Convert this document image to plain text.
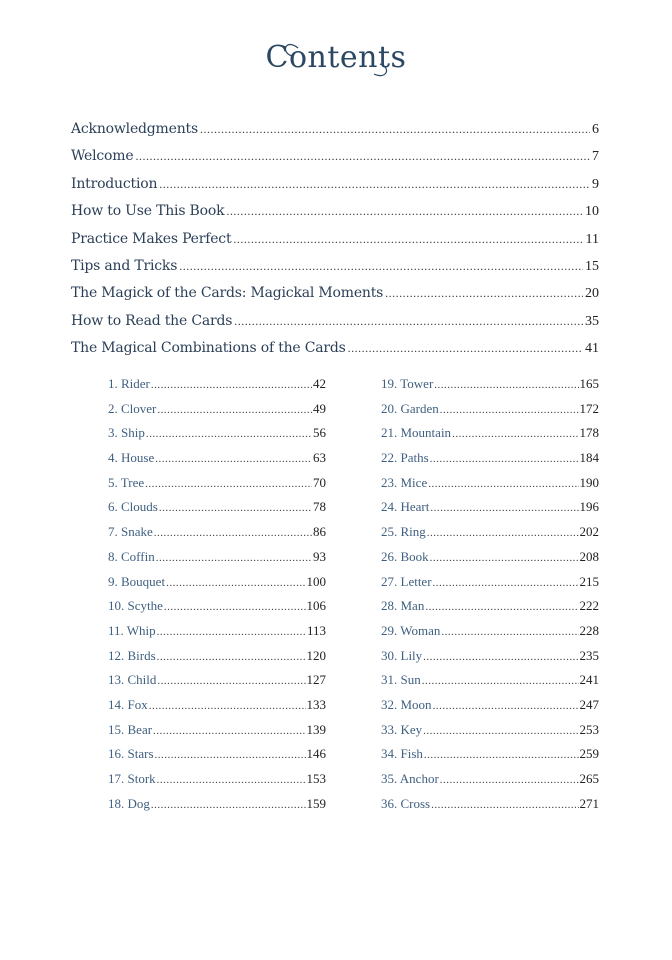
Contents
Acknowledgments .....	6
Welcome .....	7
Introduction .....	9
How to Use This Book .....	10
Practice Makes Perfect .....	11
Tips and Tricks .....	15
The Magick of the Cards: Magickal Moments .....	20
How to Read the Cards .....	35
The Magical Combinations of the Cards .....	41
1. Rider .....	42
2. Clover .....	49
3. Ship .....	56
4. House .....	63
5. Tree .....	70
6. Clouds .....	78
7. Snake .....	86
8. Coffin .....	93
9. Bouquet .....	100
10. Scythe .....	106
11. Whip .....	113
12. Birds .....	120
13. Child .....	127
14. Fox .....	133
15. Bear .....	139
16. Stars .....	146
17. Stork .....	153
18. Dog .....	159
19. Tower .....	165
20. Garden .....	172
21. Mountain .....	178
22. Paths .....	184
23. Mice .....	190
24. Heart .....	196
25. Ring .....	202
26. Book .....	208
27. Letter .....	215
28. Man .....	222
29. Woman .....	228
30. Lily .....	235
31. Sun .....	241
32. Moon .....	247
33. Key .....	253
34. Fish .....	259
35. Anchor .....	265
36. Cross .....	271
